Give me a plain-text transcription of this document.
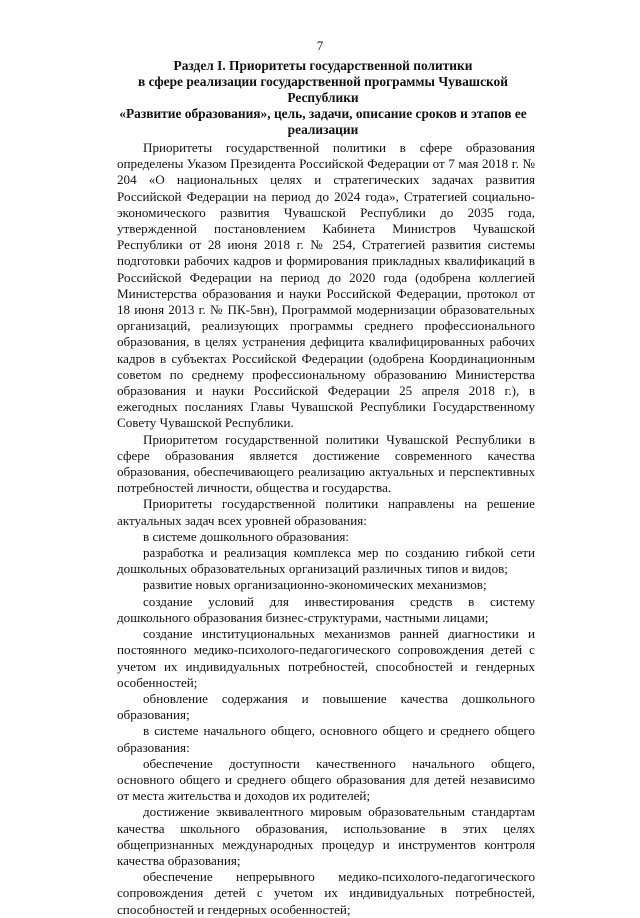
7
Раздел I. Приоритеты государственной политики
в сфере реализации государственной программы Чувашской Республики
«Развитие образования», цель, задачи, описание сроков и этапов ее
реализации

Приоритеты государственной политики в сфере образования определены Указом Президента Российской Федерации от 7 мая 2018 г. № 204 «О национальных целях и стратегических задачах развития Российской Федерации на период до 2024 года», Стратегией социально-экономического развития Чувашской Республики до 2035 года, утвержденной постановлением Кабинета Министров Чувашской Республики от 28 июня 2018 г. № 254, Стратегией развития системы подготовки рабочих кадров и формирования прикладных квалификаций в Российской Федерации на период до 2020 года (одобрена коллегией Министерства образования и науки Российской Федерации, протокол от 18 июня 2013 г. № ПК-5вн), Программой модернизации образовательных организаций, реализующих программы среднего профессионального образования, в целях устранения дефицита квалифицированных рабочих кадров в субъектах Российской Федерации (одобрена Координационным советом по среднему профессиональному образованию Министерства образования и науки Российской Федерации 25 апреля 2018 г.), в ежегодных посланиях Главы Чувашской Республики Государственному Совету Чувашской Республики.

Приоритетом государственной политики Чувашской Республики в сфере образования является достижение современного качества образования, обеспечивающего реализацию актуальных и перспективных потребностей личности, общества и государства.

Приоритеты государственной политики направлены на решение актуальных задач всех уровней образования:

в системе дошкольного образования:

разработка и реализация комплекса мер по созданию гибкой сети дошкольных образовательных организаций различных типов и видов;

развитие новых организационно-экономических механизмов;

создание условий для инвестирования средств в систему дошкольного образования бизнес-структурами, частными лицами;

создание институциональных механизмов ранней диагностики и постоянного медико-психолого-педагогического сопровождения детей с учетом их индивидуальных потребностей, способностей и гендерных особенностей;

обновление содержания и повышение качества дошкольного образования;

в системе начального общего, основного общего и среднего общего образования:

обеспечение доступности качественного начального общего, основного общего и среднего общего образования для детей независимо от места жительства и доходов их родителей;

достижение эквивалентного мировым образовательным стандартам качества школьного образования, использование в этих целях общепризнанных международных процедур и инструментов контроля качества образования;

обеспечение непрерывного медико-психолого-педагогического сопровождения детей с учетом их индивидуальных потребностей, способностей и гендерных особенностей;
